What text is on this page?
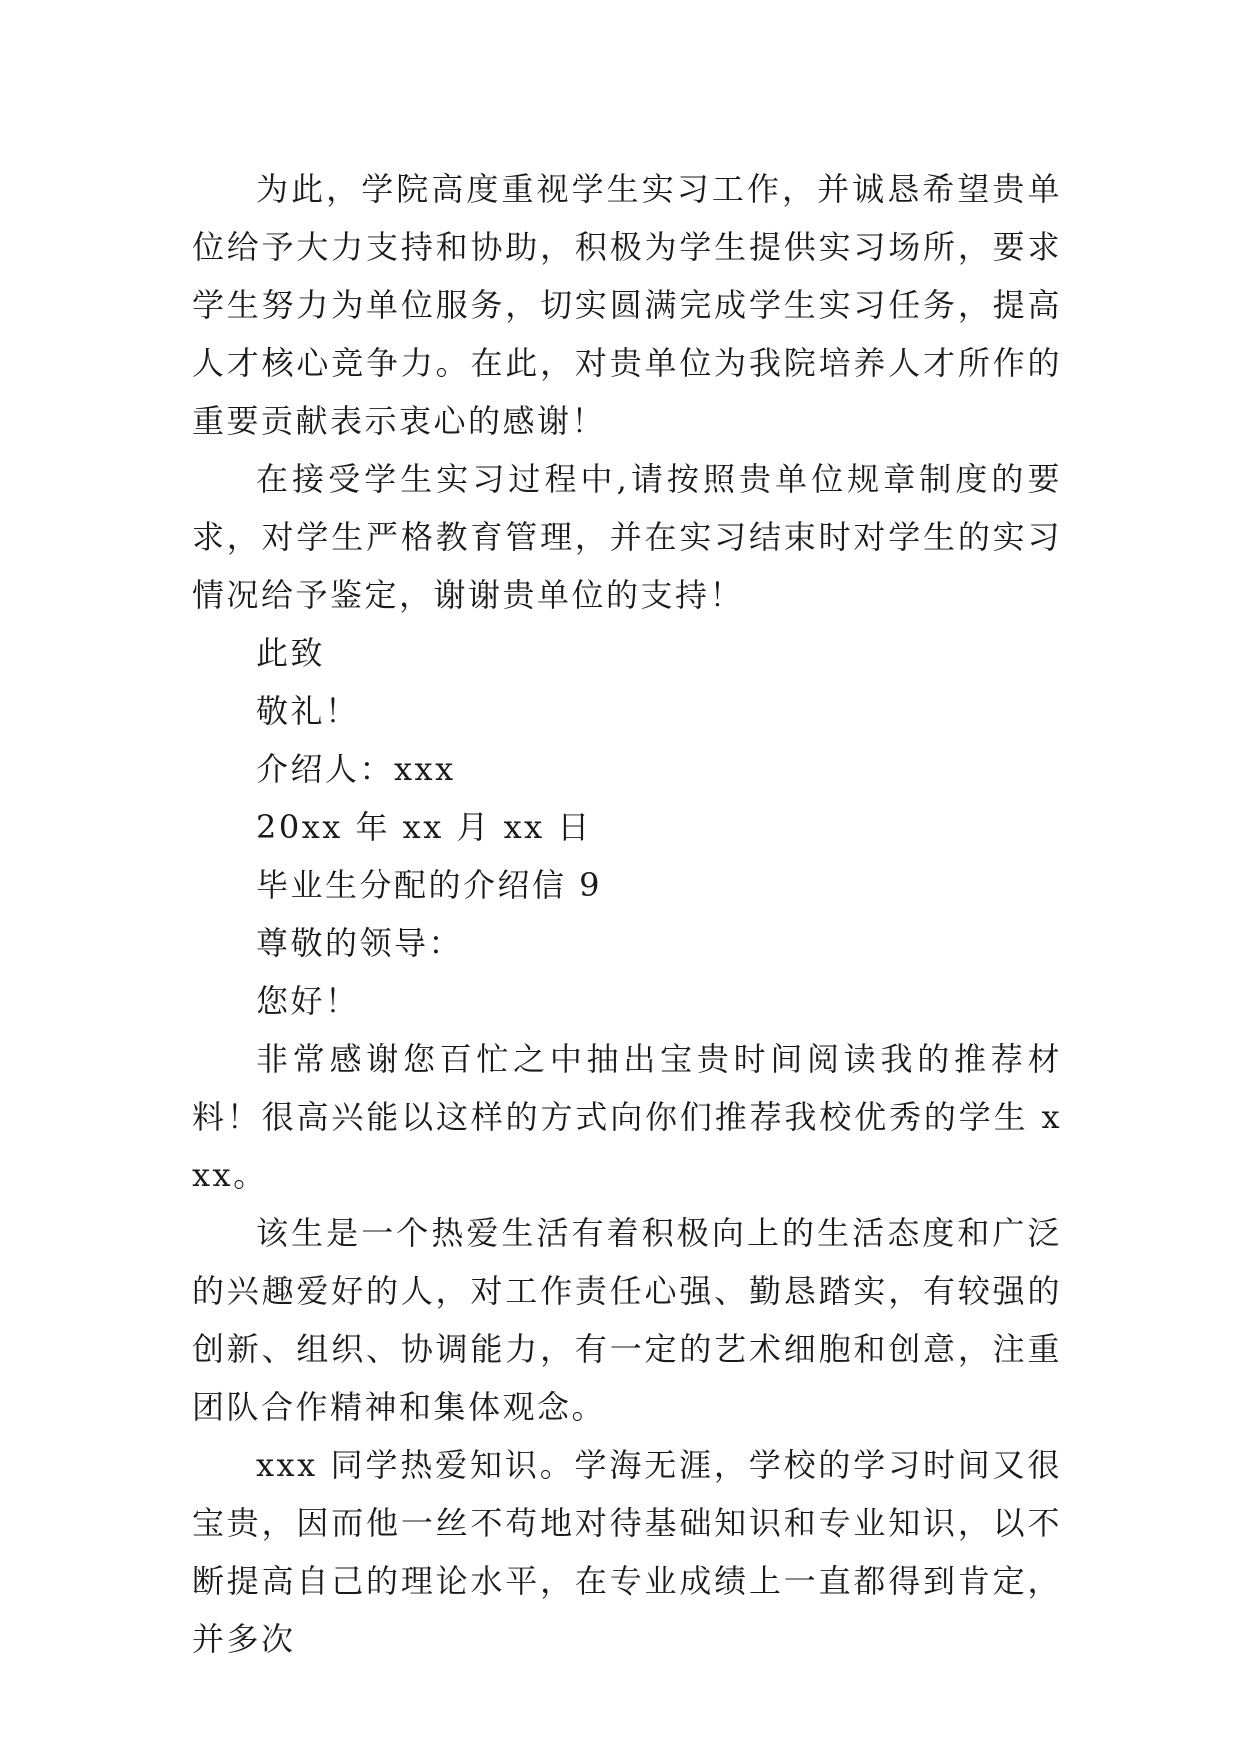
为此，学院高度重视学生实习工作，并诚恳希望贵单位给予大力支持和协助，积极为学生提供实习场所，要求学生努力为单位服务，切实圆满完成学生实习任务，提高人才核心竞争力。在此，对贵单位为我院培养人才所作的重要贡献表示衷心的感谢！

在接受学生实习过程中,请按照贵单位规章制度的要求，对学生严格教育管理，并在实习结束时对学生的实习情况给予鉴定，谢谢贵单位的支持！

此致

敬礼！

介绍人：xxx

20xx 年 xx 月 xx 日

毕业生分配的介绍信 9

尊敬的领导：

您好！

非常感谢您百忙之中抽出宝贵时间阅读我的推荐材料！很高兴能以这样的方式向你们推荐我校优秀的学生 xxx。

该生是一个热爱生活有着积极向上的生活态度和广泛的兴趣爱好的人，对工作责任心强、勤恳踏实，有较强的创新、组织、协调能力，有一定的艺术细胞和创意，注重团队合作精神和集体观念。

xxx 同学热爱知识。学海无涯，学校的学习时间又很宝贵，因而他一丝不苟地对待基础知识和专业知识，以不断提高自己的理论水平，在专业成绩上一直都得到肯定，并多次
